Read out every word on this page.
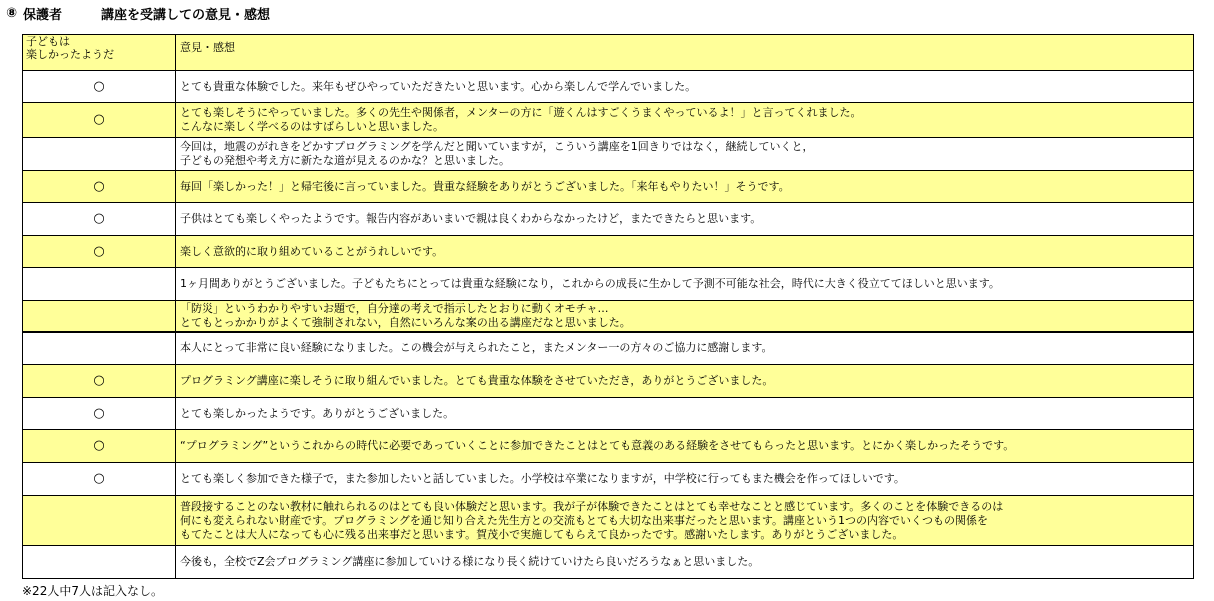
⑧ 保護者	講座を受講しての意見・感想
子どもは
楽しかったようだ	意見・感想
○	とても貴重な体験でした。来年もぜひやっていただきたいと思います。心から楽しんで学んでいました。

○	とても楽しそうにやっていました。多くの先生や関係者，メンターの方に「遊くんはすごくうまくやっているよ！」と言ってくれました。
こんなに楽しく学べるのはすばらしいと思いました。

	今回は，地震のがれきをどかすプログラミングを学んだと聞いていますが，こういう講座を1回きりではなく，継続していくと，
子どもの発想や考え方に新たな道が見えるのかな？と思いました。

○	毎回「楽しかった！」と帰宅後に言っていました。貴重な経験をありがとうございました。「来年もやりたい！」そうです。

○	子供はとても楽しくやったようです。報告内容があいまいで親は良くわからなかったけど，またできたらと思います。

○	楽しく意欲的に取り組めていることがうれしいです。

	1ヶ月間ありがとうございました。子どもたちにとっては貴重な経験になり，これからの成長に生かして予測不可能な社会，時代に大きく役立ててほしいと思います。

	「防災」というわかりやすいお題で，自分達の考えで指示したとおりに動くオモチャ…
とてもとっかかりがよくて強制されない，自然にいろんな案の出る講座だなと思いました。

	本人にとって非常に良い経験になりました。この機会が与えられたこと，またメンター一の方々のご協力に感謝します。

○	プログラミング講座に楽しそうに取り組んでいました。とても貴重な体験をさせていただき，ありがとうございました。

○	とても楽しかったようです。ありがとうございました。

○	“プログラミング”というこれからの時代に必要であっていくことに参加できたことはとても意義のある経験をさせてもらったと思います。とにかく楽しかったそうです。

○	とても楽しく参加できた様子で，また参加したいと話していました。小学校は卒業になりますが，中学校に行ってもまた機会を作ってほしいです。

	普段接することのない教材に触れられるのはとても良い体験だと思います。我が子が体験できたことはとても幸せなことと感じています。多くのことを体験できるのは
何にも変えられない財産です。プログラミングを通じ知り合えた先生方との交流もとても大切な出来事だったと思います。講座という1つの内容でいくつもの関係を
もてたことは大人になっても心に残る出来事だと思います。賀茂小で実施してもらえて良かったです。感謝いたします。ありがとうございました。

	今後も，全校でZ会プログラミング講座に参加していける様になり長く続けていけたら良いだろうなぁと思いました。
※22人中7人は記入なし。
